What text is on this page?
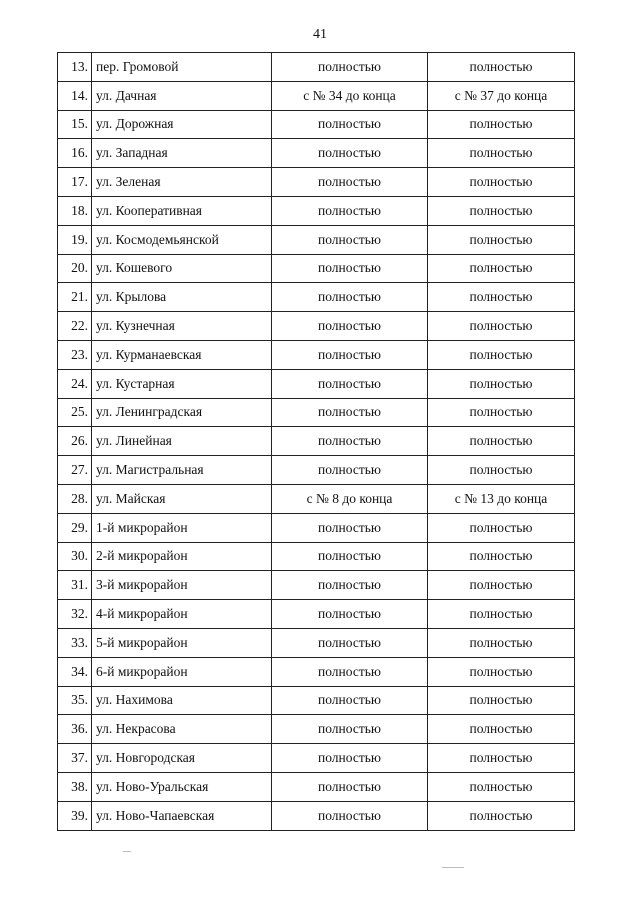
41
13.	пер. Громовой	полностью	полностью
14.	ул. Дачная	с № 34 до конца	с № 37 до конца
15.	ул. Дорожная	полностью	полностью
16.	ул. Западная	полностью	полностью
17.	ул. Зеленая	полностью	полностью
18.	ул. Кооперативная	полностью	полностью
19.	ул. Космодемьянской	полностью	полностью
20.	ул. Кошевого	полностью	полностью
21.	ул. Крылова	полностью	полностью
22.	ул. Кузнечная	полностью	полностью
23.	ул. Курманаевская	полностью	полностью
24.	ул. Кустарная	полностью	полностью
25.	ул. Ленинградская	полностью	полностью
26.	ул. Линейная	полностью	полностью
27.	ул. Магистральная	полностью	полностью
28.	ул. Майская	с № 8 до конца	с № 13 до конца
29.	1-й микрорайон	полностью	полностью
30.	2-й микрорайон	полностью	полностью
31.	3-й микрорайон	полностью	полностью
32.	4-й микрорайон	полностью	полностью
33.	5-й микрорайон	полностью	полностью
34.	6-й микрорайон	полностью	полностью
35.	ул. Нахимова	полностью	полностью
36.	ул. Некрасова	полностью	полностью
37.	ул. Новгородская	полностью	полностью
38.	ул. Ново-Уральская	полностью	полностью
39.	ул. Ново-Чапаевская	полностью	полностью
